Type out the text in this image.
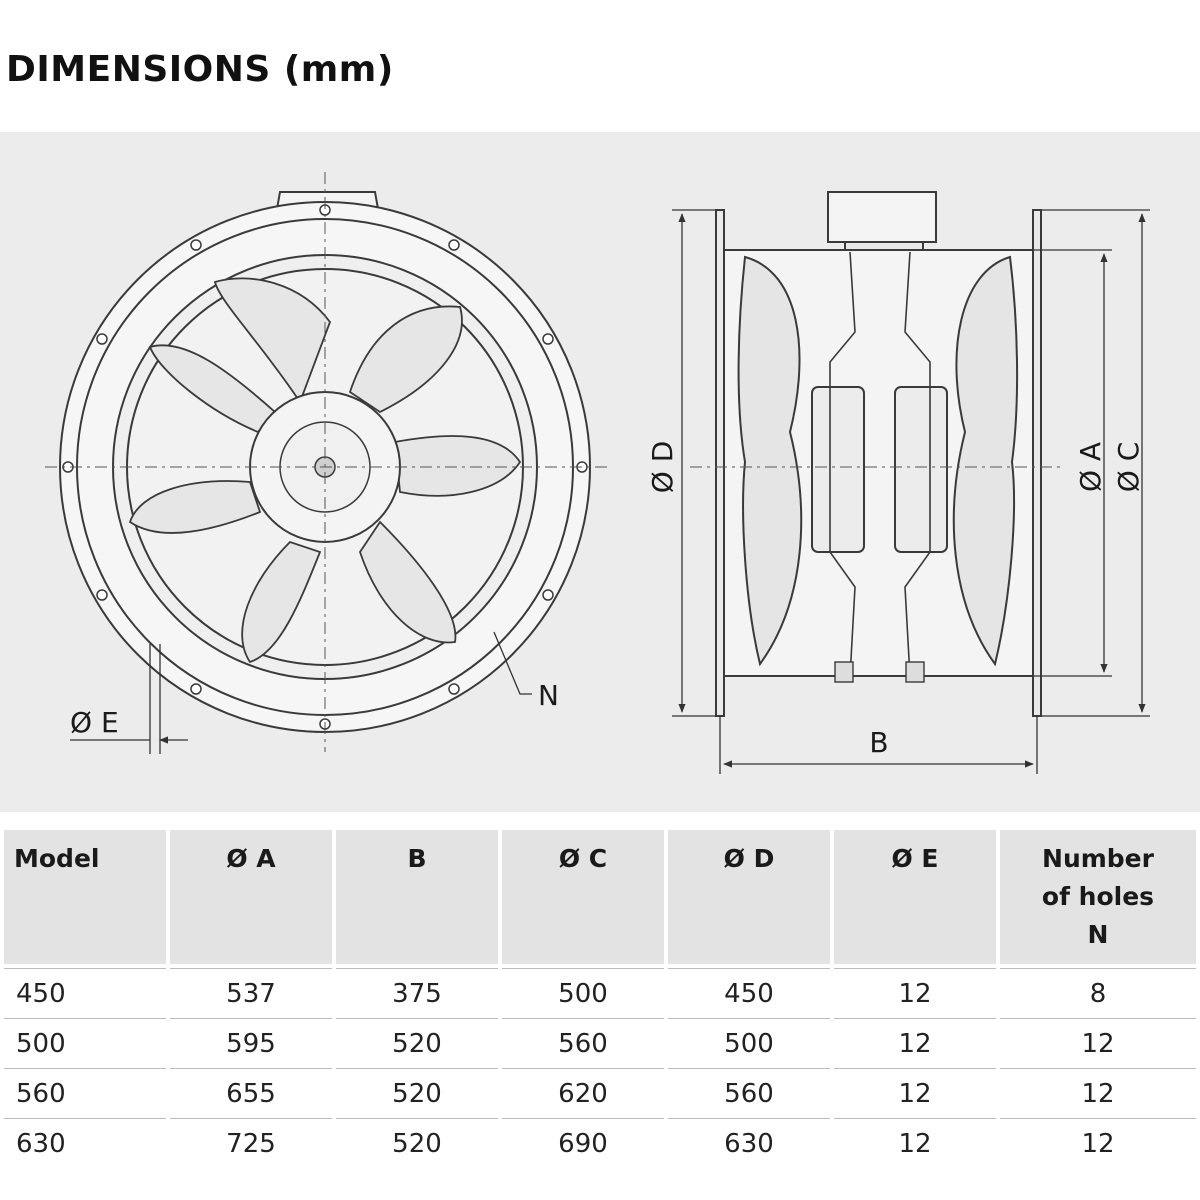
DIMENSIONS (mm)
Ø E
N
Ø D	Ø A Ø C
B
Model	Ø A	B	Ø C	Ø D	Ø E	Number
of holes
N

450	537	375	500	450	12	8
500	595	520	560	500	12	12
560	655	520	620	560	12	12
630	725	520	690	630	12	12
